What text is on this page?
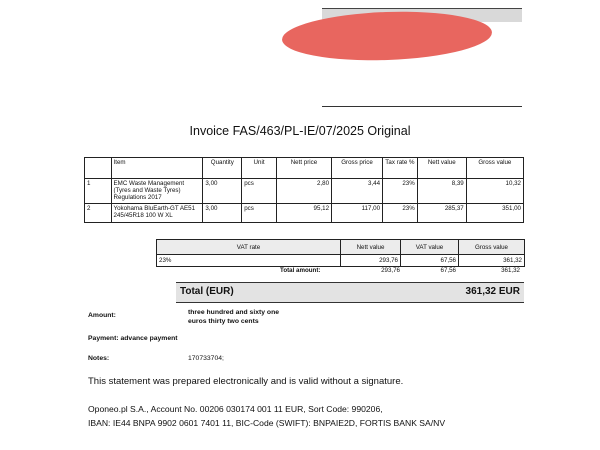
Invoice FAS/463/PL-IE/07/2025 Original
	Item	Quantity	Unit	Nett price	Gross price	Tax rate %	Nett value	Gross value
1	EMC Waste Management (Tyres and Waste Tyres) Regulations 2017	3,00	pcs	2,80	3,44	23%	8,39	10,32
2	Yokohama BluEarth-GT AE51 245/45R18 100 W XL	3,00	pcs	95,12	117,00	23%	285,37	351,00
VAT rate	Nett value	VAT value	Gross value
23%	293,76	67,56	361,32
Total amount:	293,76	67,56	361,32
Total (EUR)	361,32 EUR
Amount:	three hundred and sixty one
euros thirty two cents
Payment: advance payment
Notes:	170733704;
This statement was prepared electronically and is valid without a signature.
Oponeo.pl S.A., Account No. 00206 030174 001 11 EUR, Sort Code: 990206,
IBAN: IE44 BNPA 9902 0601 7401 11, BIC-Code (SWIFT): BNPAIE2D, FORTIS BANK SA/NV
